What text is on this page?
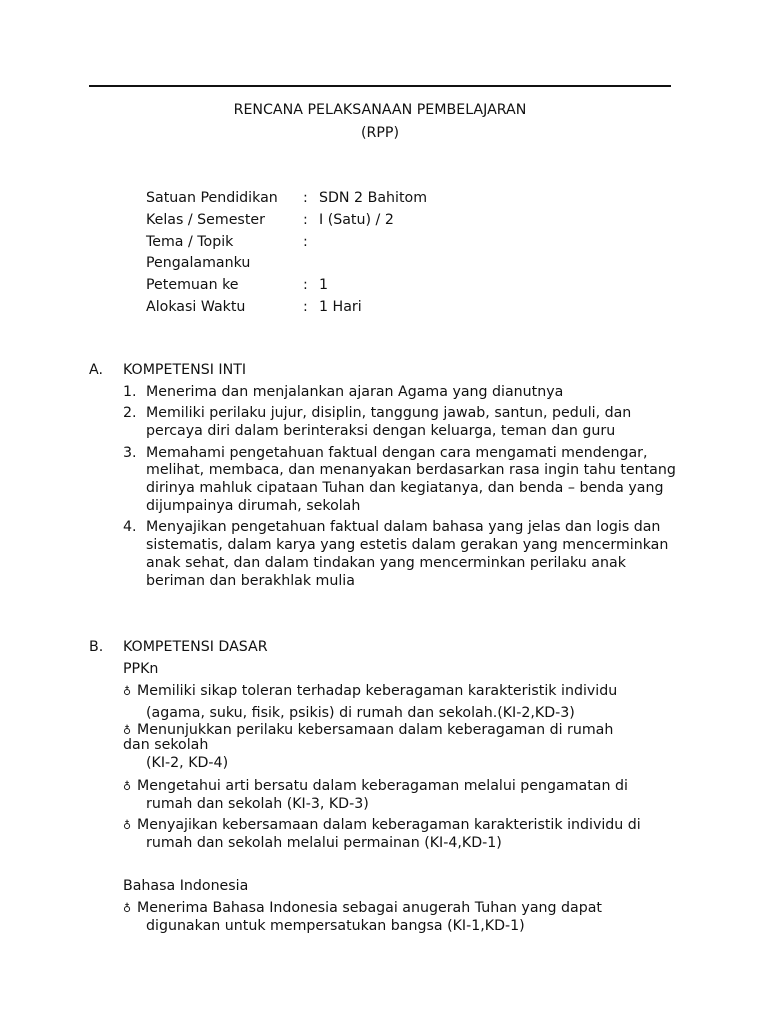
RENCANA PELAKSANAAN PEMBELAJARAN
(RPP)
Satuan Pendidikan : SDN 2 Bahitom
Kelas / Semester	: I (Satu) / 2
Tema / Topik	:
Pengalamanku
Petemuan ke	: 1
Alokasi Waktu	: 1 Hari
A. KOMPETENSI INTI
1. Menerima dan menjalankan ajaran Agama yang dianutnya
2. Memiliki perilaku jujur, disiplin, tanggung jawab, santun, peduli, dan percaya diri dalam berinteraksi dengan keluarga, teman dan guru
3. Memahami pengetahuan faktual dengan cara mengamati mendengar, melihat, membaca, dan menanyakan berdasarkan rasa ingin tahu tentang dirinya mahluk cipataan Tuhan dan kegiatanya, dan benda – benda yang dijumpainya dirumah, sekolah
4. Menyajikan pengetahuan faktual dalam bahasa yang jelas dan logis dan sistematis, dalam karya yang estetis dalam gerakan yang mencerminkan anak sehat, dan dalam tindakan yang mencerminkan perilaku anak beriman dan berakhlak mulia
B. KOMPETENSI DASAR
PPKn
♁ Memiliki sikap toleran terhadap keberagaman karakteristik individu
(agama, suku, fisik, psikis) di rumah dan sekolah.(KI-2,KD-3)
♁ Menunjukkan perilaku kebersamaan dalam keberagaman di rumah
dan sekolah
(KI-2, KD-4)
♁ Mengetahui arti bersatu dalam keberagaman melalui pengamatan di
rumah dan sekolah (KI-3, KD-3)
♁ Menyajikan kebersamaan dalam keberagaman karakteristik individu di
rumah dan sekolah melalui permainan (KI-4,KD-1)
Bahasa Indonesia
♁ Menerima Bahasa Indonesia sebagai anugerah Tuhan yang dapat
digunakan untuk mempersatukan bangsa (KI-1,KD-1)
